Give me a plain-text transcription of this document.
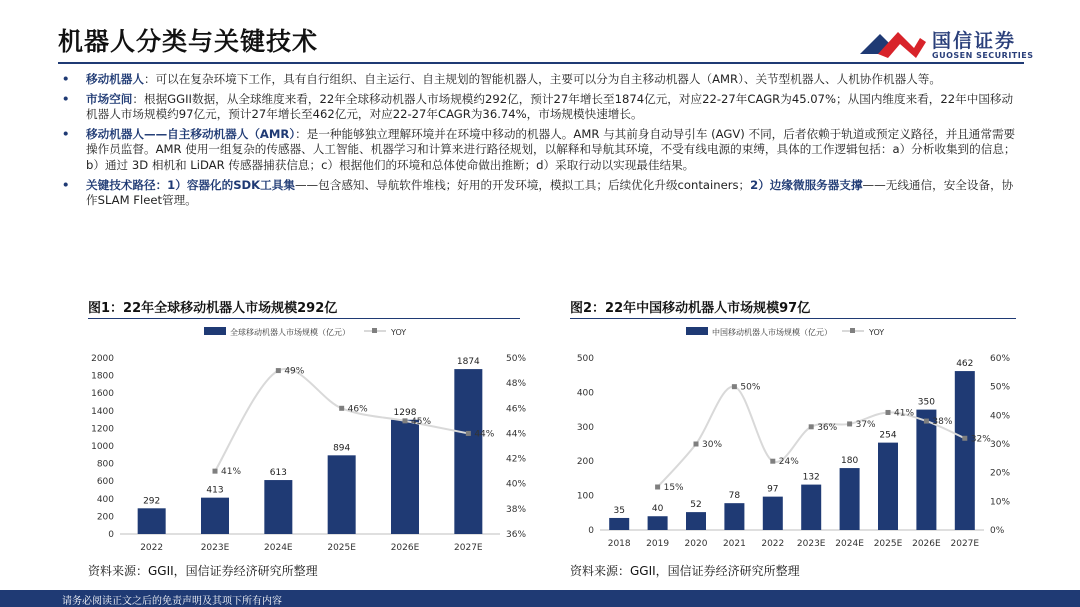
机器人分类与关键技术	国信证券
GUOSEN SECURITIES
• 移动机器人：可以在复杂环境下工作，具有自行组织、自主运行、自主规划的智能机器人，主要可以分为自主移动机器人（AMR）、关节型机器人、人机协作机器人等。
• 市场空间：根据GGII数据，从全球维度来看，22年全球移动机器人市场规模约292亿，预计27年增长至1874亿元，对应22-27年CAGR为45.07%；从国内维度来看，22年中国移动机器人市场规模约97亿元，预计27年增长至462亿元，对应22-27年CAGR为36.74%，市场规模快速增长。
• 移动机器人——自主移动机器人（AMR）：是一种能够独立理解环境并在环境中移动的机器人。AMR 与其前身自动导引车 (AGV) 不同，后者依赖于轨道或预定义路径，并且通常需要操作员监督。AMR 使用一组复杂的传感器、人工智能、机器学习和计算来进行路径规划，以解释和导航其环境，不受有线电源的束缚，具体的工作逻辑包括：a）分析收集到的信息；b）通过 3D 相机和 LiDAR 传感器捕获信息；c）根据他们的环境和总体使命做出推断；d）采取行动以实现最佳结果。
• 关键技术路径：1）容器化的SDK工具集——包含感知、导航软件堆栈；好用的开发环境，模拟工具；后续优化升级containers；2）边缘微服务器支撑——无线通信，安全设备，协作SLAM Fleet管理。
图1：22年全球移动机器人市场规模292亿
全球移动机器人市场规模（亿元）	YOY
0
200
400
600
800
1000
1200
1400
1600
1800
2000
36%
38%
40%
42%
44%
46%
48%
50%
292
2022
413
2023E
613
2024E
894
2025E
1298
2026E
1874
2027E
41%
49%
46%
45%
44%
资料来源：GGII，国信证券经济研究所整理
图2：22年中国移动机器人市场规模97亿
中国移动机器人市场规模（亿元）	YOY
0
100
200
300
400
500
0%
10%
20%
30%
40%
50%
60%
35
2018
40
2019
52
2020
78
2021
97
2022
132
2023E
180
2024E
254
2025E
350
2026E
462
2027E
15%
30%
50%
24%
36% 37%
41%
38%
32%
资料来源：GGII，国信证券经济研究所整理
请务必阅读正文之后的免责声明及其项下所有内容
